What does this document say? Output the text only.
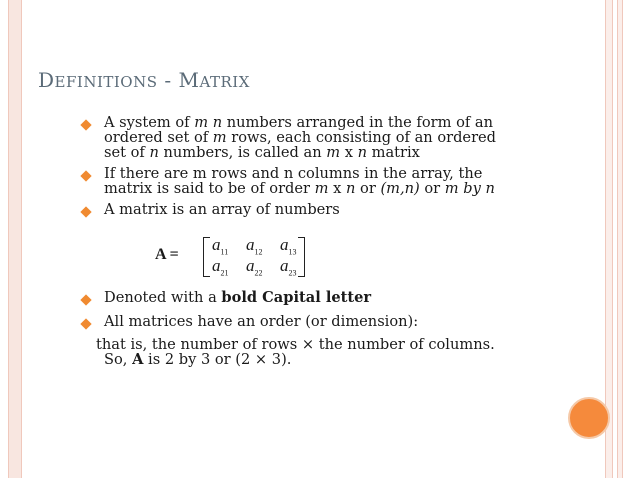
DEFINITIONS - MATRIX
A system of m n numbers arranged in the form of an
ordered set of m rows, each consisting of an ordered
set of n numbers, is called an m x n matrix
If there are m rows and n columns in the array, the
matrix is said to be of order m x n or (m,n) or m by n
A matrix is an array of numbers
A =
$a_{11}$ $a_{12}$ $a_{13}$
$a_{21}$ $a_{22}$ $a_{23}$
Denoted with a bold Capital letter
All matrices have an order (or dimension):
that is, the number of rows × the number of columns.
So, A is 2 by 3 or (2 × 3).
